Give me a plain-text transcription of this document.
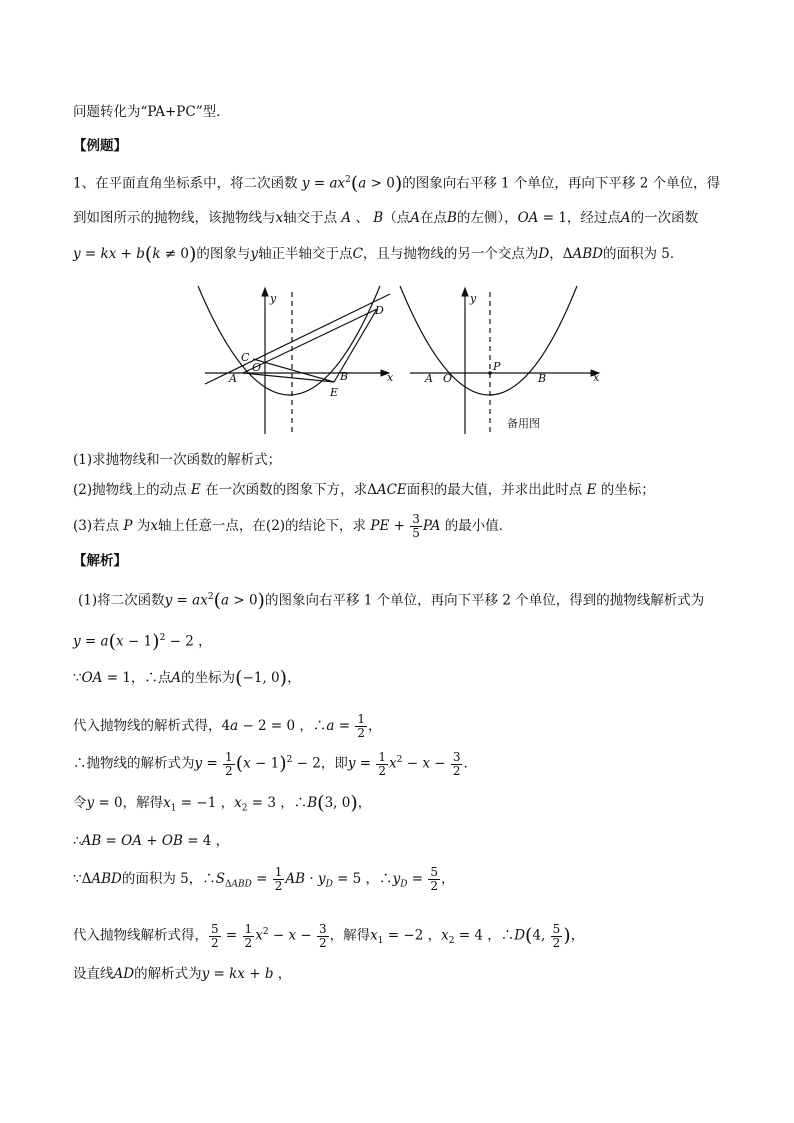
问题转化为“PA+PC”型．
【例题】
1、在平面直角坐标系中，将二次函数 $y = ax^2(a > 0)$的图象向右平移 1 个单位，再向下平移 2 个单位，得
到如图所示的抛物线，该抛物线与x轴交于点 A 、 B（点A在点B的左侧），OA = 1，经过点A的一次函数
y = kx + b(k ≠ 0)的图象与y轴正半轴交于点C，且与抛物线的另一个交点为D，ΔABD的面积为 5．
y
x
A
O
C
B
D
E
y
x
A O
P
B
备用图
(1)求抛物线和一次函数的解析式；
(2)抛物线上的动点 E 在一次函数的图象下方，求ΔACE面积的最大值，并求出此时点 E 的坐标；
(3)若点 P 为x轴上任意一点，在(2)的结论下，求 PE + $\frac{3}{5}$ PA 的最小值．
【解析】
(1)将二次函数$y = ax^2(a > 0)$的图象向右平移 1 个单位，再向下平移 2 个单位，得到的抛物线解析式为
$y = a(x - 1)^2 - 2$ ，
∵OA = 1，∴点A的坐标为(−1, 0)，
代入抛物线的解析式得，4a − 2 = 0 ，∴a = $\frac{1}{2}$ ，
∴抛物线的解析式为$y = \frac{1}{2} (x - 1)^2 - 2$，即$y = \frac{1}{2} x^2 - x - \frac{3}{2}$ .
令y = 0，解得$x_1 = -1$ ，$x_2 = 3$ ，∴B(3, 0)，
∴AB = OA + OB = 4 ，
∵ΔABD的面积为 5，$\therefore S_{\Delta ABD} = \frac{1}{2}$ AB · $y_D = 5$ ，$\therefore y_D = \frac{5}{2}$ ，
代入抛物线解析式得， $\frac{5}{2} = \frac{1}{2} x^2 - x - \frac{3}{2}$ ，解得$x_1 = -2$ ，$x_2 = 4$ ，∴D(4, $\frac{5}{2}$ )，
设直线AD的解析式为y = kx + b ，
